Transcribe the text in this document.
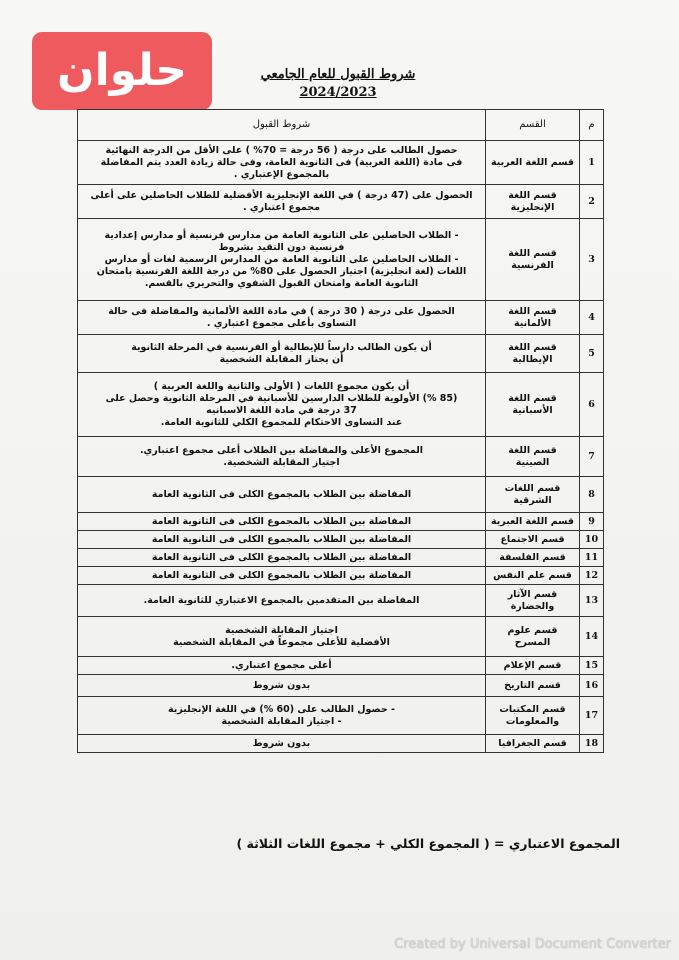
حلوان	شروط القبول للعام الجامعي 2024/2023
م	القسم	شروط القبول
1	قسم اللغة العربية	حصول الطالب على درجة ( 56 درجة = 70% ) على الأقل من الدرجة النهائية
فى مادة (اللغة العربية) فى الثانوية العامة، وفى حالة زيادة العدد يتم المفاضلة
بالمجموع الإعتباري .

2	قسم اللغة الإنجليزية	الحصول على (47 درجة ) في اللغة الإنجليزية الأفضلية للطلاب الحاصلين على أعلى
مجموع اعتباري .

3	قسم اللغة الفرنسية	- الطلاب الحاصلين على الثانوية العامة من مدارس فرنسية أو مدارس إعدادية
فرنسية دون التقيد بشروط
- الطلاب الحاصلين على الثانوية العامة من المدارس الرسمية لغات أو مدارس
اللغات (لغة انجليزية) اجتياز الحصول على 80% من درجة اللغة الفرنسية بامتحان
الثانوية العامة وامتحان القبول الشفوي والتحريري بالقسم.

4	قسم اللغة الألمانية	الحصول على درجة ( 30 درجة ) في مادة اللغة الألمانية والمفاضلة فى حالة
التساوى بأعلى مجموع اعتباري .

5	قسم اللغة الإيطالية	أن يكون الطالب دارساً للإيطالية أو الفرنسية في المرحلة الثانوية
أن يجتاز المقابلة الشخصية

6	قسم اللغة الأسبانية	أن يكون مجموع اللغات ( الأولى والثانية واللغة العربية )
(85 %) الأولوية للطلاب الدارسين للأسبانية في المرحلة الثانوية وحصل على
37 درجة في مادة اللغة الاسبانيه
عند التساوى الاحتكام للمجموع الكلي للثانوية العامة.

7	قسم اللغة الصينية	المجموع الأعلى والمفاضلة بين الطلاب أعلى مجموع اعتباري.
اجتياز المقابلة الشخصية.

8	قسم اللغات الشرقية	المفاضلة بين الطلاب بالمجموع الكلى فى الثانوية العامة

9	قسم اللغة العبرية	المفاضلة بين الطلاب بالمجموع الكلى فى الثانوية العامة

10	قسم الاجتماع	المفاضلة بين الطلاب بالمجموع الكلى فى الثانوية العامة

11	قسم الفلسفة	المفاضلة بين الطلاب بالمجموع الكلى فى الثانوية العامة

12	قسم علم النفس	المفاضلة بين الطلاب بالمجموع الكلى فى الثانوية العامة

13	قسم الآثار والحضارة	المفاضلة بين المتقدمين بالمجموع الاعتباري للثانوية العامة.

14	قسم علوم المسرح	اجتياز المقابلة الشخصية
الأفضلية للأعلى مجموعاً في المقابلة الشخصية

15	قسم الإعلام	أعلى مجموع اعتباري.

16	قسم التاريخ	بدون شروط

17	قسم المكتبات والمعلومات	- حصول الطالب على (60 %) في اللغة الإنجليزية
- اجتياز المقابلة الشخصية

18	قسم الجغرافيا	بدون شروط
المجموع الاعتباري = ( المجموع الكلي + مجموع اللغات الثلاثة )
Created by Universal Document Converter
